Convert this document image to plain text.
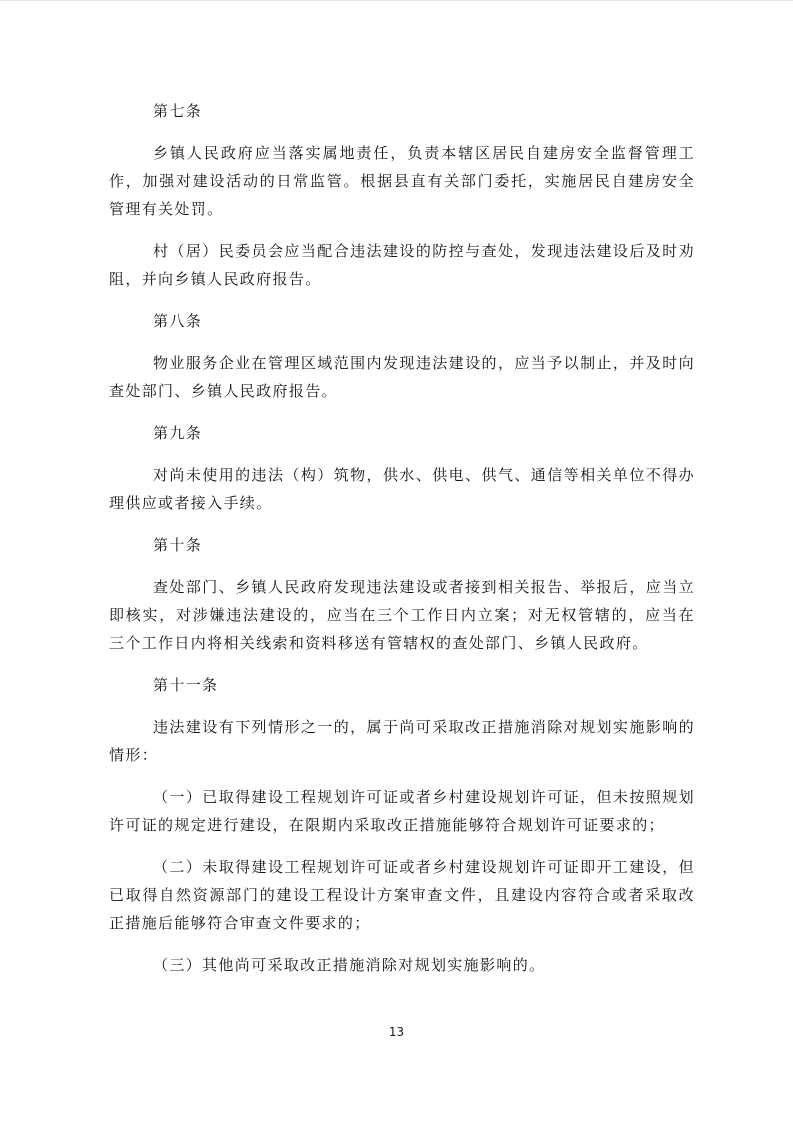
第七条

乡镇人民政府应当落实属地责任，负责本辖区居民自建房安全监督管理工作，加强对建设活动的日常监管。根据县直有关部门委托，实施居民自建房安全管理有关处罚。

村（居）民委员会应当配合违法建设的防控与查处，发现违法建设后及时劝阻，并向乡镇人民政府报告。

第八条

物业服务企业在管理区域范围内发现违法建设的，应当予以制止，并及时向查处部门、乡镇人民政府报告。

第九条

对尚未使用的违法（构）筑物，供水、供电、供气、通信等相关单位不得办理供应或者接入手续。

第十条

查处部门、乡镇人民政府发现违法建设或者接到相关报告、举报后，应当立即核实，对涉嫌违法建设的，应当在三个工作日内立案；对无权管辖的，应当在三个工作日内将相关线索和资料移送有管辖权的查处部门、乡镇人民政府。

第十一条

违法建设有下列情形之一的，属于尚可采取改正措施消除对规划实施影响的情形：

（一）已取得建设工程规划许可证或者乡村建设规划许可证，但未按照规划许可证的规定进行建设，在限期内采取改正措施能够符合规划许可证要求的；

（二）未取得建设工程规划许可证或者乡村建设规划许可证即开工建设，但已取得自然资源部门的建设工程设计方案审查文件，且建设内容符合或者采取改正措施后能够符合审查文件要求的；

（三）其他尚可采取改正措施消除对规划实施影响的。

13
